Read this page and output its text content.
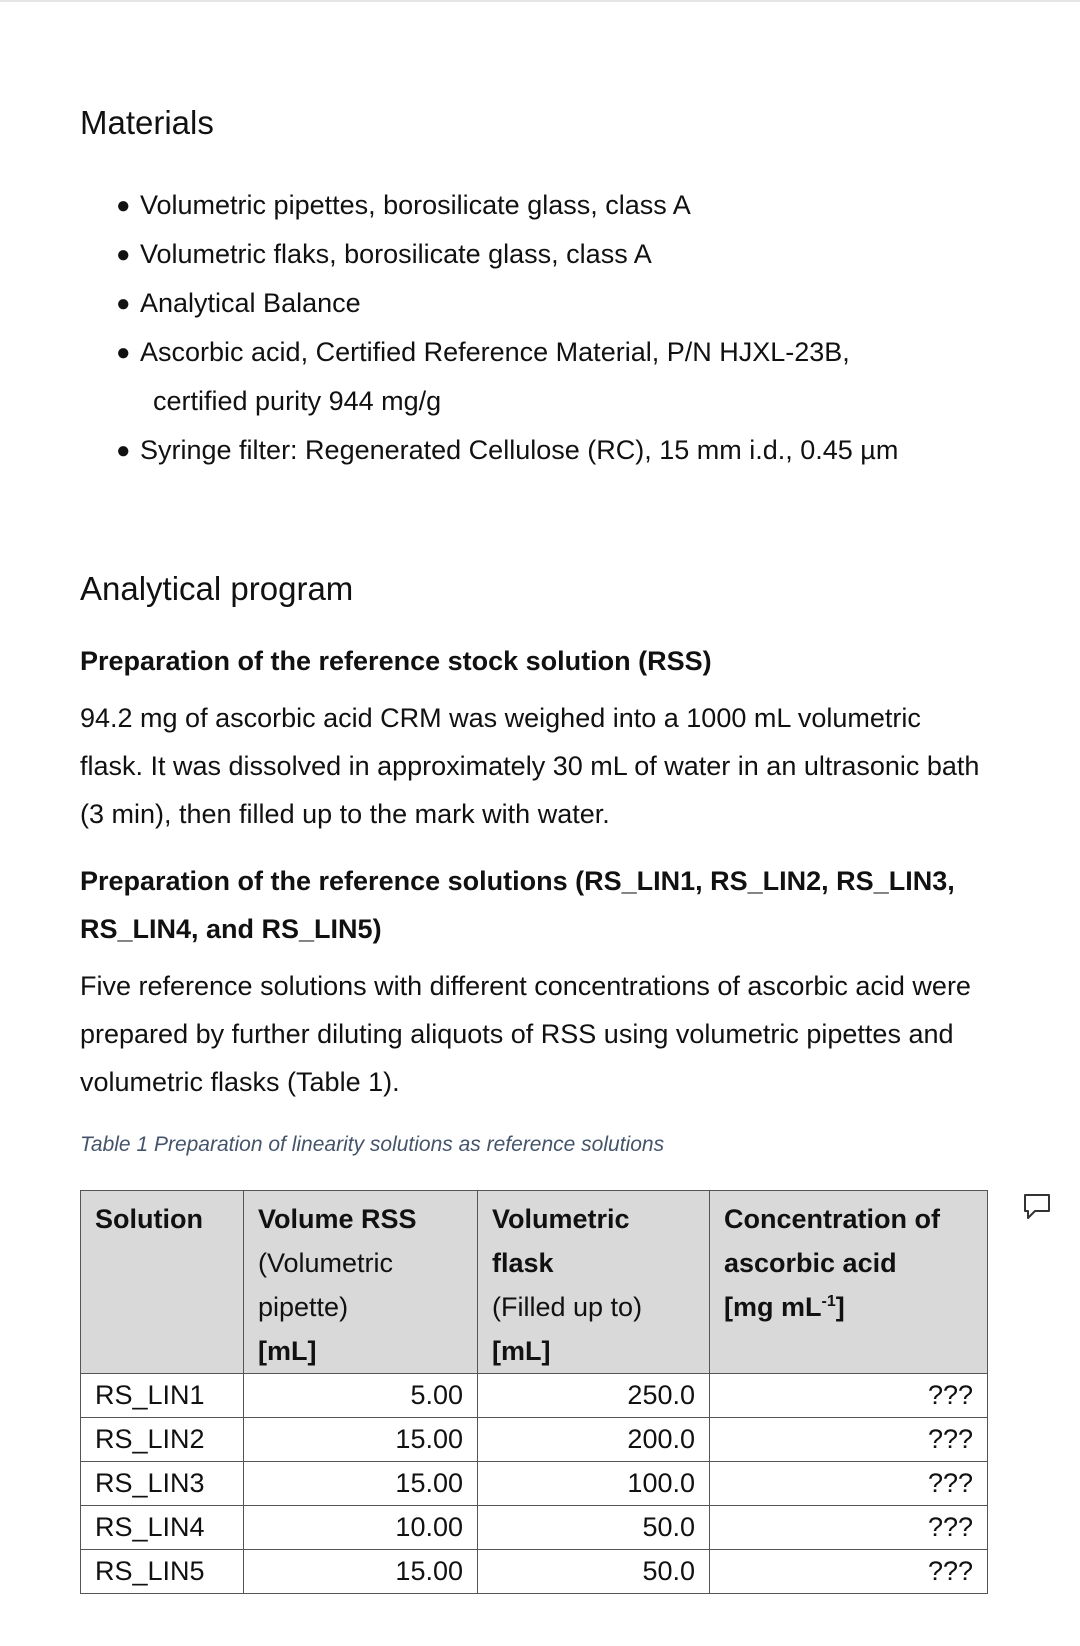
Materials
● Volumetric pipettes, borosilicate glass, class A
● Volumetric flaks, borosilicate glass, class A
● Analytical Balance
● Ascorbic acid, Certified Reference Material, P/N HJXL-23B,
certified purity 944 mg/g
● Syringe filter: Regenerated Cellulose (RC), 15 mm i.d., 0.45 µm
Analytical program
Preparation of the reference stock solution (RSS)

94.2 mg of ascorbic acid CRM was weighed into a 1000 mL volumetric flask. It was dissolved in approximately 30 mL of water in an ultrasonic bath (3 min), then filled up to the mark with water.

Preparation of the reference solutions (RS_LIN1, RS_LIN2, RS_LIN3, RS_LIN4, and RS_LIN5)

Five reference solutions with different concentrations of ascorbic acid were prepared by further diluting aliquots of RSS using volumetric pipettes and volumetric flasks (Table 1).

Table 1 Preparation of linearity solutions as reference solutions
Solution	Volume RSS
(Volumetric pipette)
[mL]	Volumetric flask
(Filled up to)
[mL]	Concentration of ascorbic acid
[mg $mL^{-1}$]

RS_LIN1	5.00	250.0	???
RS_LIN2	15.00	200.0	???
RS_LIN3	15.00	100.0	???
RS_LIN4	10.00	50.0	???
RS_LIN5	15.00	50.0	???
